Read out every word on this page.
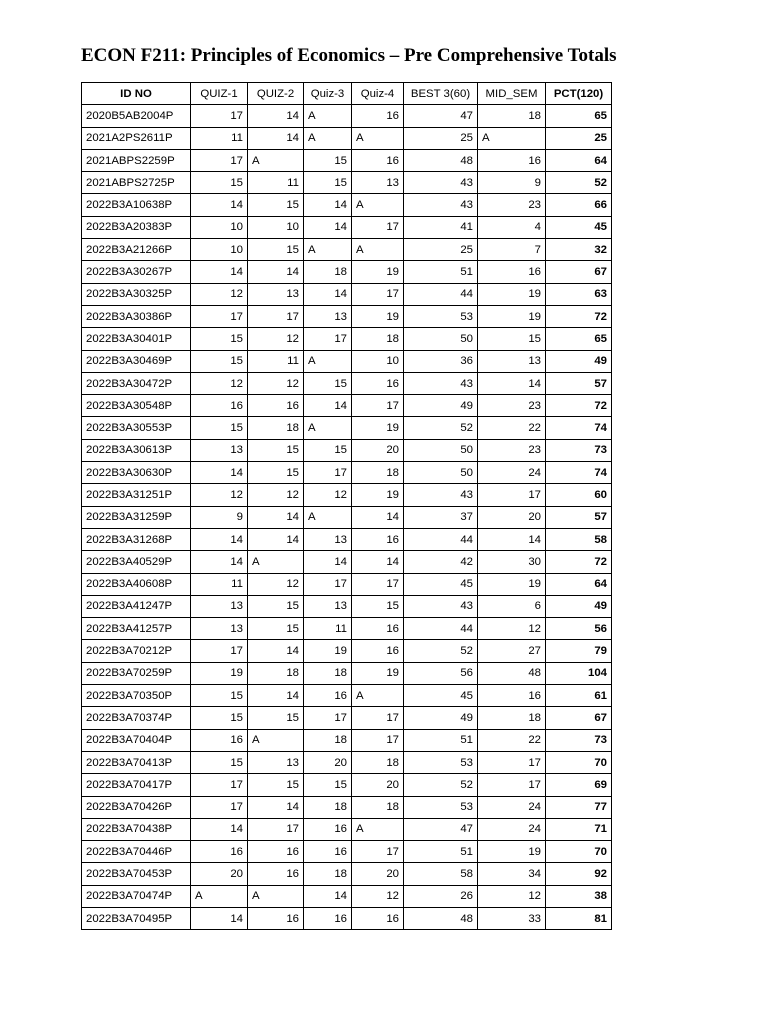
ECON F211: Principles of Economics – Pre Comprehensive Totals
ID NO	QUIZ-1	QUIZ-2	Quiz-3	Quiz-4	BEST 3(60)	MID_SEM	PCT(120)
2020B5AB2004P	17	14	A	16	47	18	65
2021A2PS2611P	11	14	A	A	25	A	25
2021ABPS2259P	17	A	15	16	48	16	64
2021ABPS2725P	15	11	15	13	43	9	52
2022B3A10638P	14	15	14	A	43	23	66
2022B3A20383P	10	10	14	17	41	4	45
2022B3A21266P	10	15	A	A	25	7	32
2022B3A30267P	14	14	18	19	51	16	67
2022B3A30325P	12	13	14	17	44	19	63
2022B3A30386P	17	17	13	19	53	19	72
2022B3A30401P	15	12	17	18	50	15	65
2022B3A30469P	15	11	A	10	36	13	49
2022B3A30472P	12	12	15	16	43	14	57
2022B3A30548P	16	16	14	17	49	23	72
2022B3A30553P	15	18	A	19	52	22	74
2022B3A30613P	13	15	15	20	50	23	73
2022B3A30630P	14	15	17	18	50	24	74
2022B3A31251P	12	12	12	19	43	17	60
2022B3A31259P	9	14	A	14	37	20	57
2022B3A31268P	14	14	13	16	44	14	58
2022B3A40529P	14	A	14	14	42	30	72
2022B3A40608P	11	12	17	17	45	19	64
2022B3A41247P	13	15	13	15	43	6	49
2022B3A41257P	13	15	11	16	44	12	56
2022B3A70212P	17	14	19	16	52	27	79
2022B3A70259P	19	18	18	19	56	48	104
2022B3A70350P	15	14	16	A	45	16	61
2022B3A70374P	15	15	17	17	49	18	67
2022B3A70404P	16	A	18	17	51	22	73
2022B3A70413P	15	13	20	18	53	17	70
2022B3A70417P	17	15	15	20	52	17	69
2022B3A70426P	17	14	18	18	53	24	77
2022B3A70438P	14	17	16	A	47	24	71
2022B3A70446P	16	16	16	17	51	19	70
2022B3A70453P	20	16	18	20	58	34	92
2022B3A70474P	A	A	14	12	26	12	38
2022B3A70495P	14	16	16	16	48	33	81
